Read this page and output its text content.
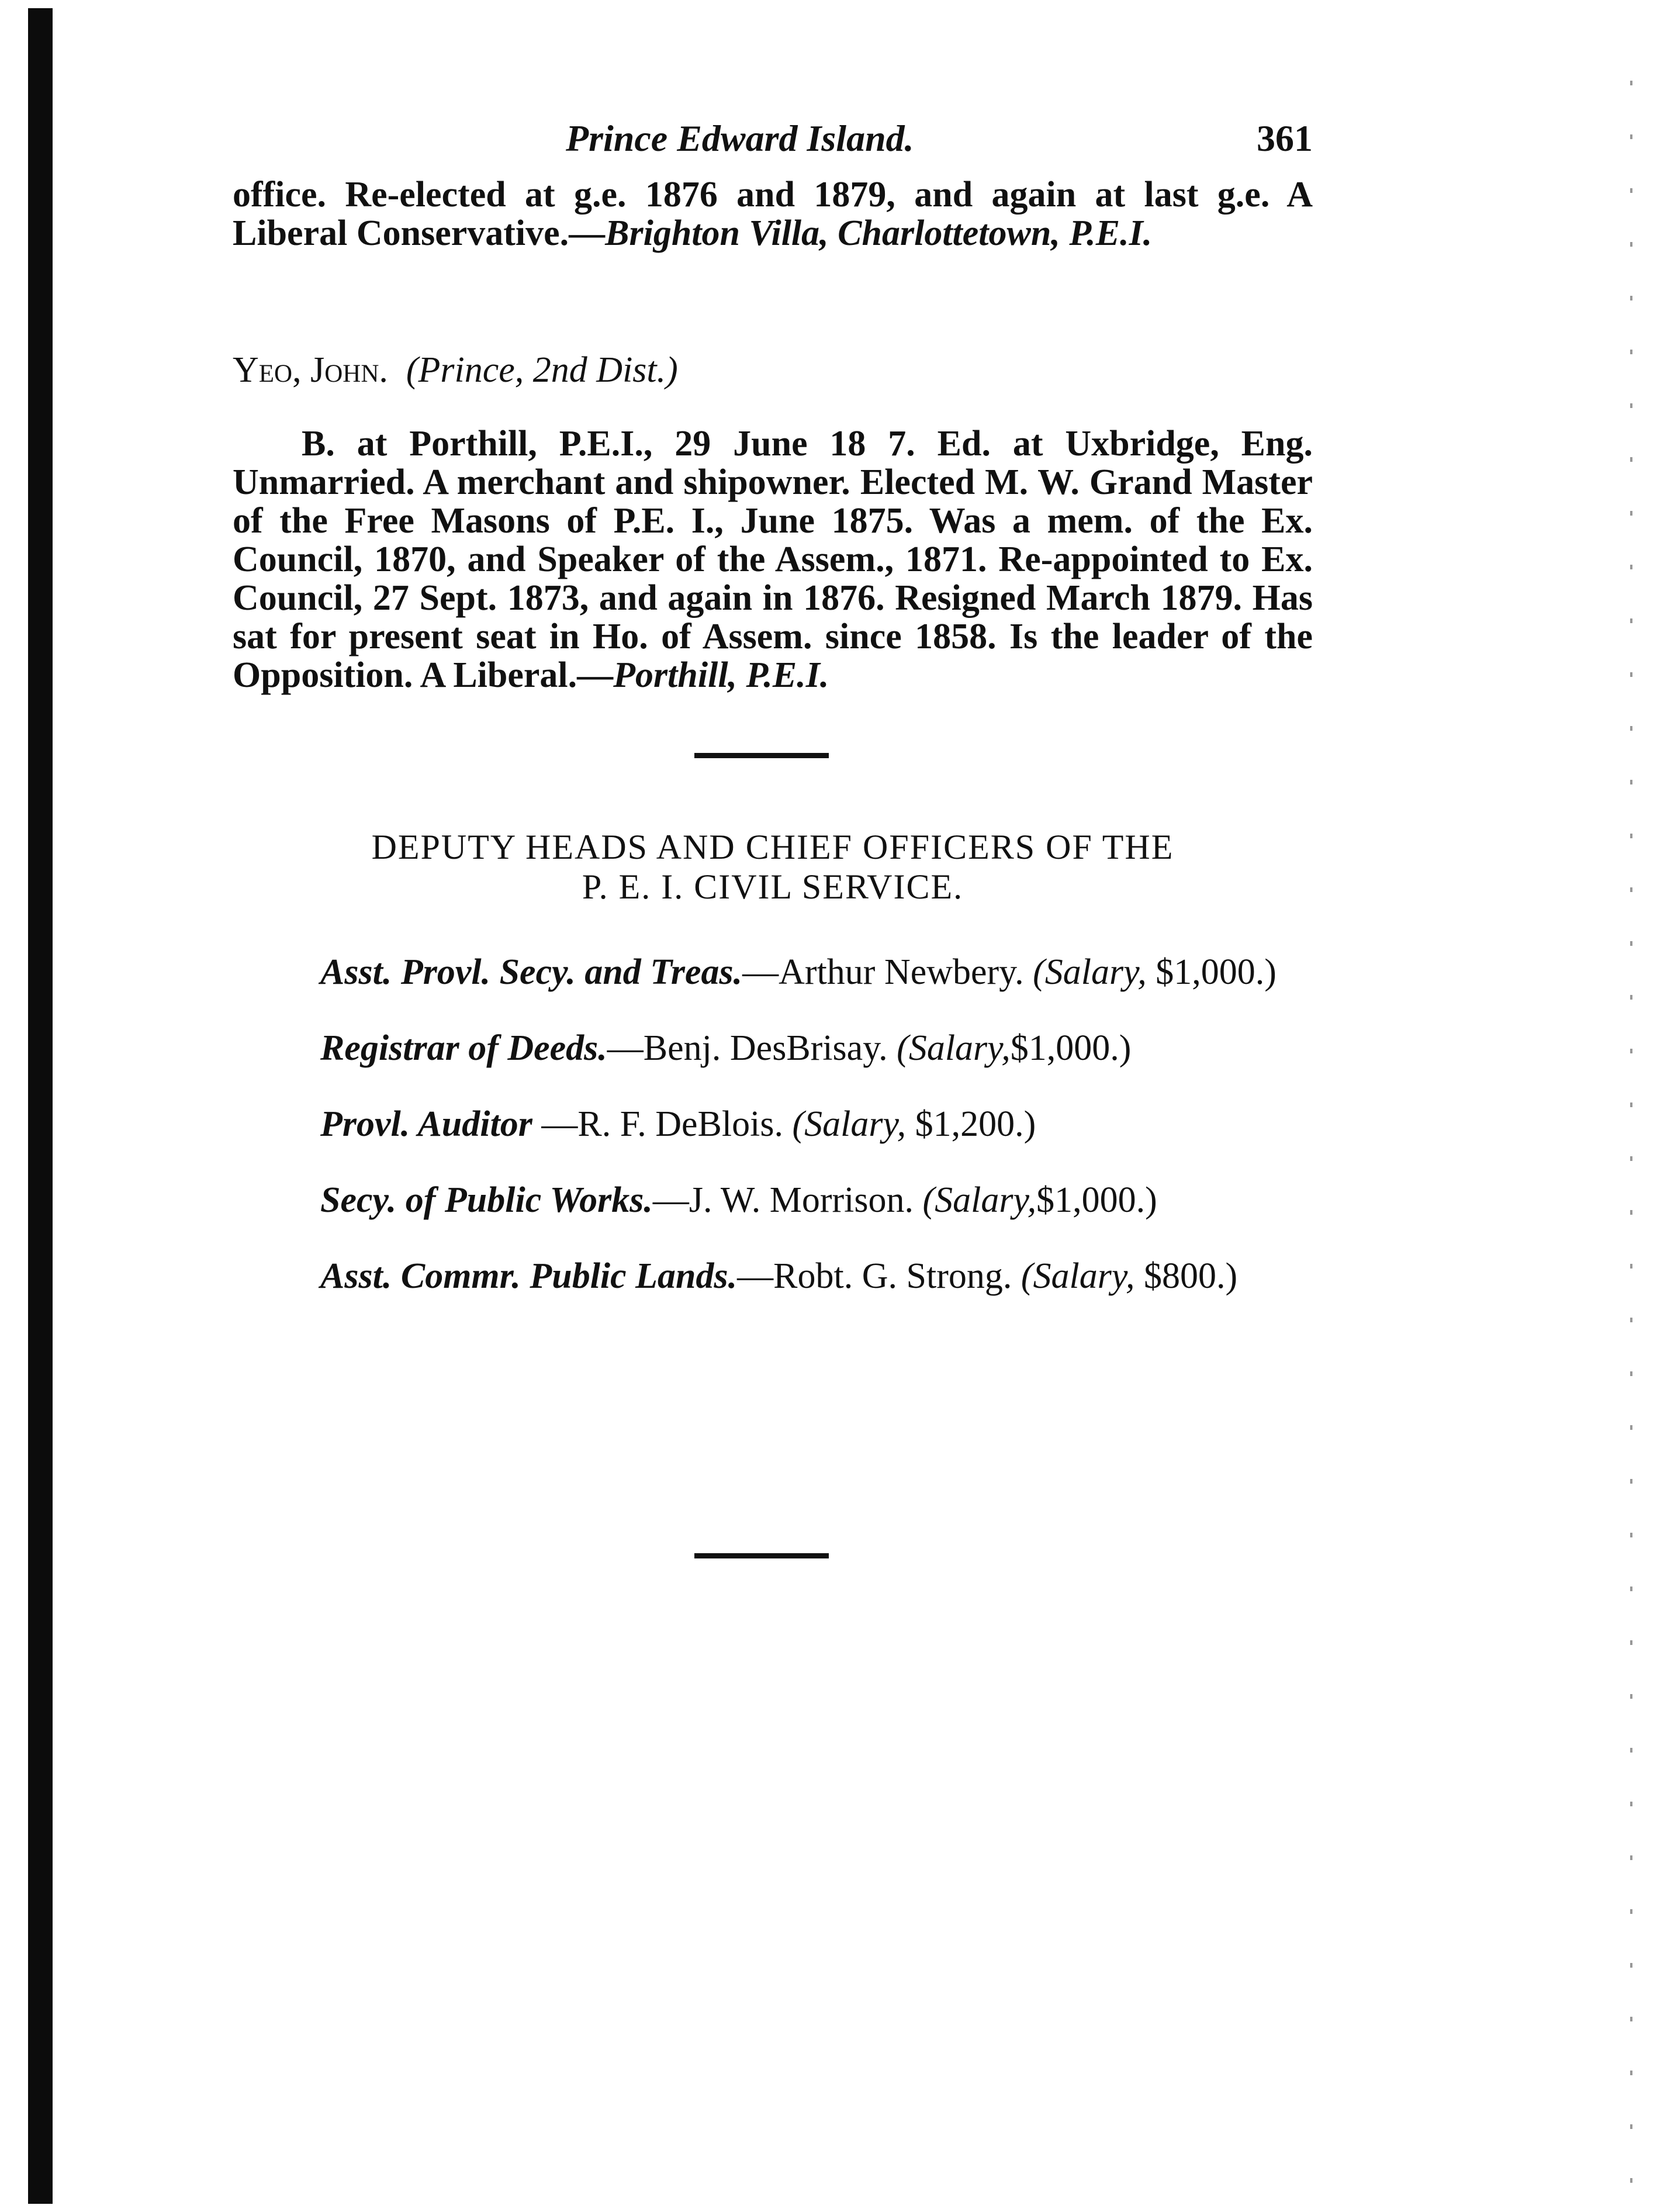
Prince Edward Island.	361

office. Re-elected at g.e. 1876 and 1879, and again at last g.e. A Liberal Conservative.—Brighton Villa, Charlottetown, P.E.I.

Yeo, John. (Prince, 2nd Dist.)

B. at Porthill, P.E.I., 29 June 18 7. Ed. at Uxbridge, Eng. Unmarried. A merchant and shipowner. Elected M. W. Grand Master of the Free Masons of P.E. I., June 1875. Was a mem. of the Ex. Council, 1870, and Speaker of the Assem., 1871. Re-appointed to Ex. Council, 27 Sept. 1873, and again in 1876. Resigned March 1879. Has sat for present seat in Ho. of Assem. since 1858. Is the leader of the Opposition. A Liberal.—Porthill, P.E.I.

DEPUTY HEADS AND CHIEF OFFICERS OF THE
P. E. I. CIVIL SERVICE.

Asst. Provl. Secy. and Treas.—Arthur Newbery. (Salary, $1,000.)

Registrar of Deeds.—Benj. DesBrisay. (Salary,$1,000.)

Provl. Auditor —R. F. DeBlois. (Salary, $1,200.)

Secy. of Public Works.—J. W. Morrison. (Salary,$1,000.)

Asst. Commr. Public Lands.—Robt. G. Strong. (Salary, $800.)
